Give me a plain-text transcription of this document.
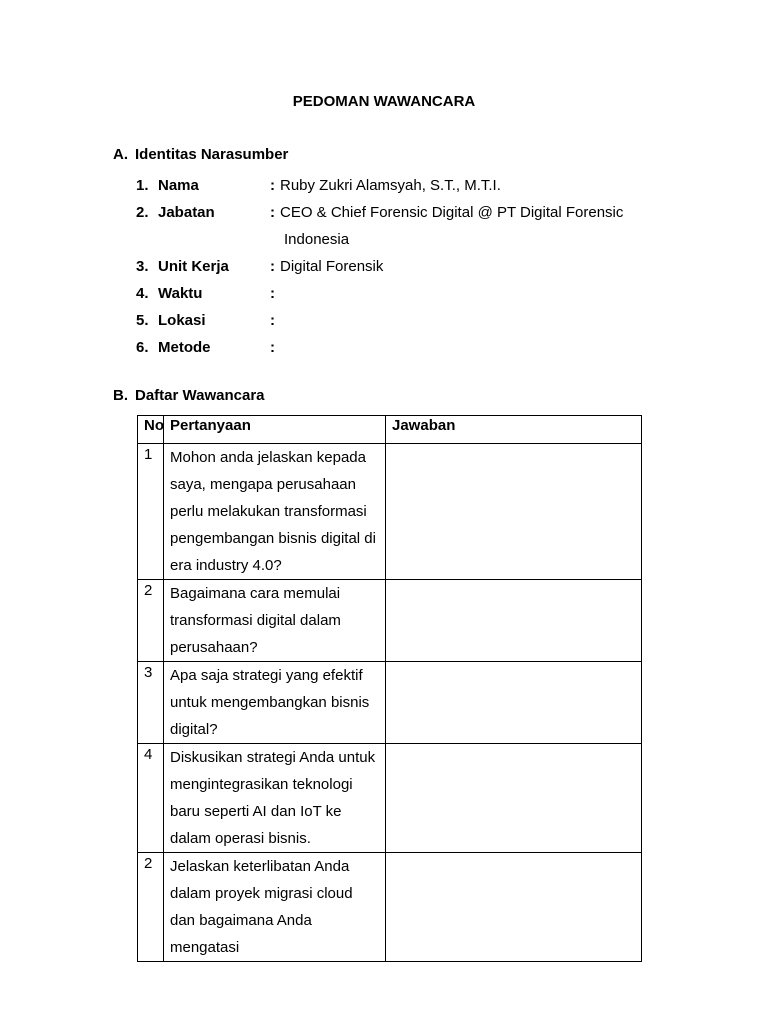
PEDOMAN WAWANCARA
A. Identitas Narasumber
1. Nama	: Ruby Zukri Alamsyah, S.T., M.T.I.
2. Jabatan	: CEO & Chief Forensic Digital @ PT Digital Forensic
Indonesia
3. Unit Kerja	: Digital Forensik
4. Waktu	:
5. Lokasi	:
6. Metode	:
B. Daftar Wawancara
No	Pertanyaan	Jawaban
1	Mohon anda jelaskan kepada saya, mengapa perusahaan perlu melakukan transformasi pengembangan bisnis digital di era industry 4.0?	
2	Bagaimana cara memulai transformasi digital dalam perusahaan?	
3	Apa saja strategi yang efektif untuk mengembangkan bisnis digital?	
4	Diskusikan strategi Anda untuk mengintegrasikan teknologi baru seperti AI dan IoT ke dalam operasi bisnis.	
2	Jelaskan keterlibatan Anda dalam proyek migrasi cloud dan bagaimana Anda mengatasi	
